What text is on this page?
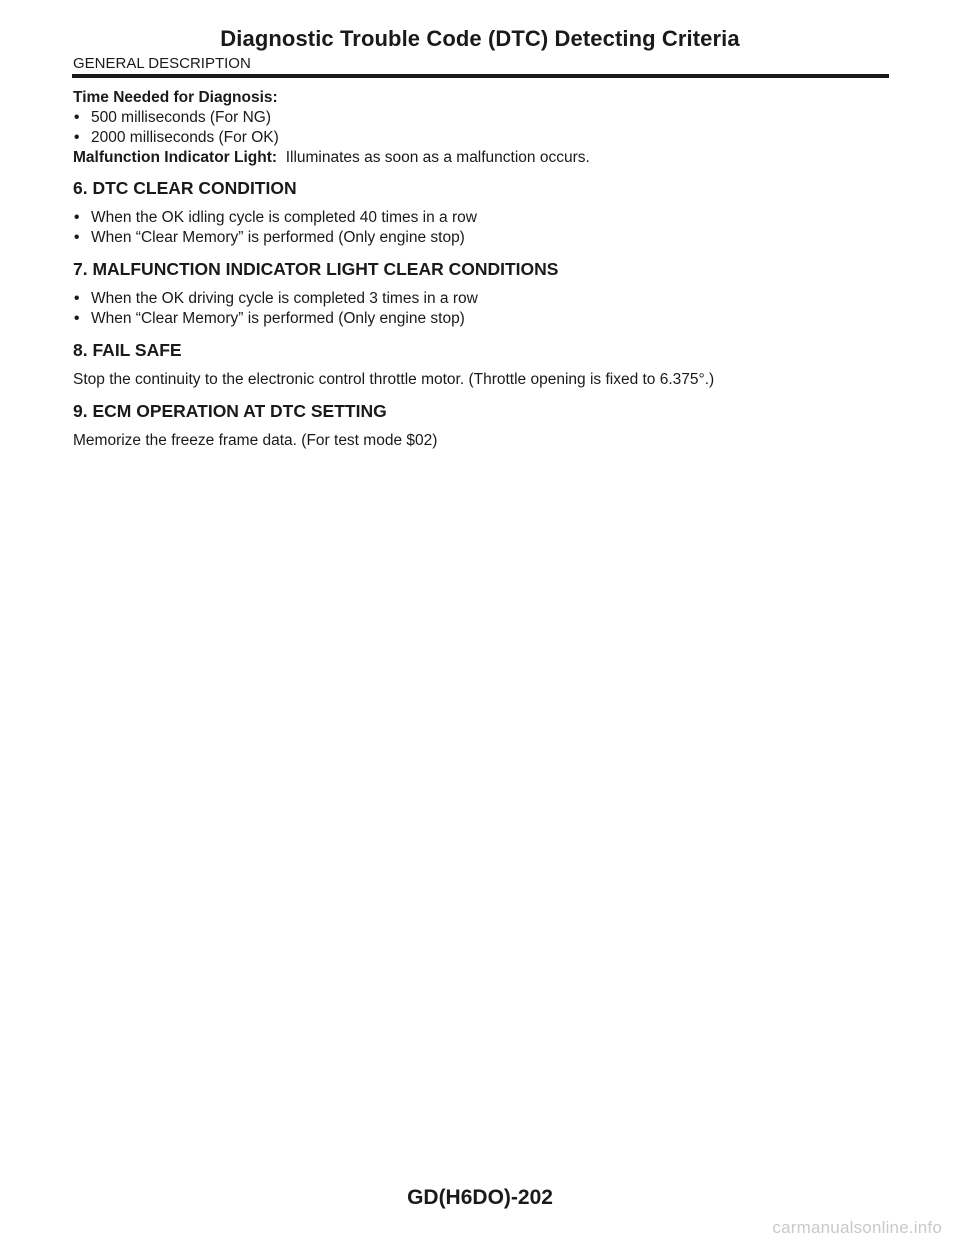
Diagnostic Trouble Code (DTC) Detecting Criteria
GENERAL DESCRIPTION
Time Needed for Diagnosis:
• 500 milliseconds (For NG)
• 2000 milliseconds (For OK)
Malfunction Indicator Light: Illuminates as soon as a malfunction occurs.
6. DTC CLEAR CONDITION
• When the OK idling cycle is completed 40 times in a row
• When “Clear Memory” is performed (Only engine stop)
7. MALFUNCTION INDICATOR LIGHT CLEAR CONDITIONS
• When the OK driving cycle is completed 3 times in a row
• When “Clear Memory” is performed (Only engine stop)
8. FAIL SAFE

Stop the continuity to the electronic control throttle motor. (Throttle opening is fixed to 6.375°.)

9. ECM OPERATION AT DTC SETTING

Memorize the freeze frame data. (For test mode $02)

GD(H6DO)-202
carmanualsonline.info
